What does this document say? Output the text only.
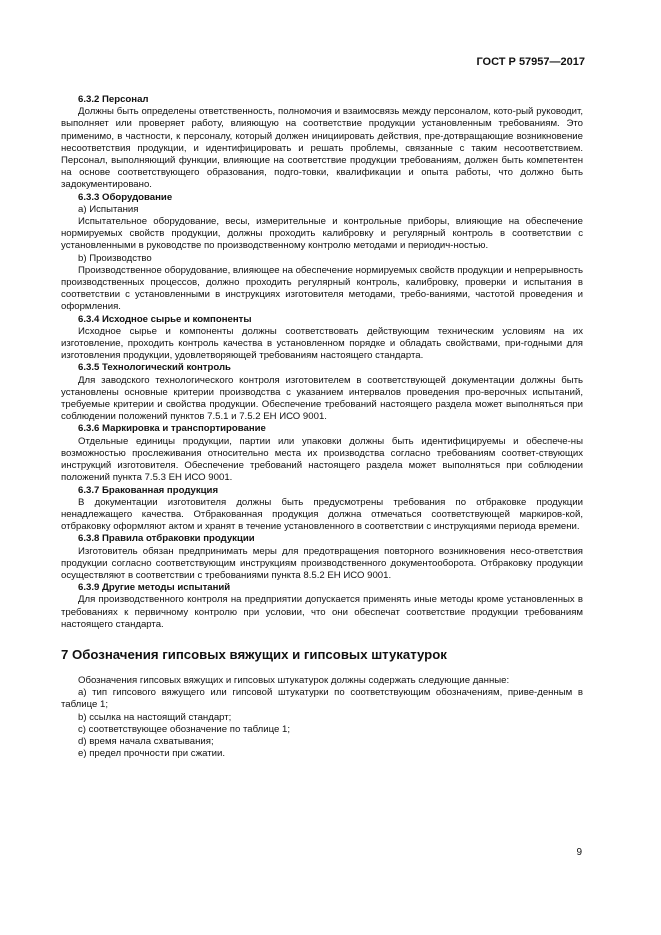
ГОСТ Р 57957—2017
6.3.2 Персонал

Должны быть определены ответственность, полномочия и взаимосвязь между персоналом, кото-рый руководит, выполняет или проверяет работу, влияющую на соответствие продукции установленным требованиям. Это применимо, в частности, к персоналу, который должен инициировать действия, пре-дотвращающие возникновение несоответствия продукции, и идентифицировать и решать проблемы, связанные с таким несоответствием. Персонал, выполняющий функции, влияющие на соответствие продукции требованиям, должен быть компетентен на основе соответствующего образования, подго-товки, квалификации и опыта работы, что должно быть задокументировано.

6.3.3 Оборудование

а) Испытания

Испытательное оборудование, весы, измерительные и контрольные приборы, влияющие на обеспечение нормируемых свойств продукции, должны проходить калибровку и регулярный контроль в соответствии с установленными в руководстве по производственному контролю методами и периодич-ностью.

b) Производство

Производственное оборудование, влияющее на обеспечение нормируемых свойств продукции и непрерывность производственных процессов, должно проходить регулярный контроль, калибровку, проверки и испытания в соответствии с установленными в инструкциях изготовителя методами, требо-ваниями, частотой проведения и оформления.

6.3.4 Исходное сырье и компоненты

Исходное сырье и компоненты должны соответствовать действующим техническим условиям на их изготовление, проходить контроль качества в установленном порядке и обладать свойствами, при-годными для изготовления продукции, удовлетворяющей требованиям настоящего стандарта.

6.3.5 Технологический контроль

Для заводского технологического контроля изготовителем в соответствующей документации должны быть установлены основные критерии производства с указанием интервалов проведения про-верочных испытаний, требуемые критерии и свойства продукции. Обеспечение требований настоящего раздела может выполняться при соблюдении положений пунктов 7.5.1 и 7.5.2 ЕН ИСО 9001.

6.3.6 Маркировка и транспортирование

Отдельные единицы продукции, партии или упаковки должны быть идентифицируемы и обеспече-ны возможностью прослеживания относительно места их производства согласно требованиям соответ-ствующих инструкций изготовителя. Обеспечение требований настоящего раздела может выполняться при соблюдении положений пункта 7.5.3 ЕН ИСО 9001.

6.3.7 Бракованная продукция

В документации изготовителя должны быть предусмотрены требования по отбраковке продукции ненадлежащего качества. Отбракованная продукция должна отмечаться соответствующей маркиров-кой, отбраковку оформляют актом и хранят в течение установленного в соответствии с инструкциями периода времени.

6.3.8 Правила отбраковки продукции

Изготовитель обязан предпринимать меры для предотвращения повторного возникновения несо-ответствия продукции согласно соответствующим инструкциям производственного документооборота. Отбраковку продукции осуществляют в соответствии с требованиями пункта 8.5.2 ЕН ИСО 9001.

6.3.9 Другие методы испытаний

Для производственного контроля на предприятии допускается применять иные методы кроме установленных в требованиях к первичному контролю при условии, что они обеспечат соответствие продукции требованиям настоящего стандарта.

7 Обозначения гипсовых вяжущих и гипсовых штукатурок

Обозначения гипсовых вяжущих и гипсовых штукатурок должны содержать следующие данные:

а) тип гипсового вяжущего или гипсовой штукатурки по соответствующим обозначениям, приве-денным в таблице 1;

b) ссылка на настоящий стандарт;

c) соответствующее обозначение по таблице 1;

d) время начала схватывания;

е) предел прочности при сжатии.

9
